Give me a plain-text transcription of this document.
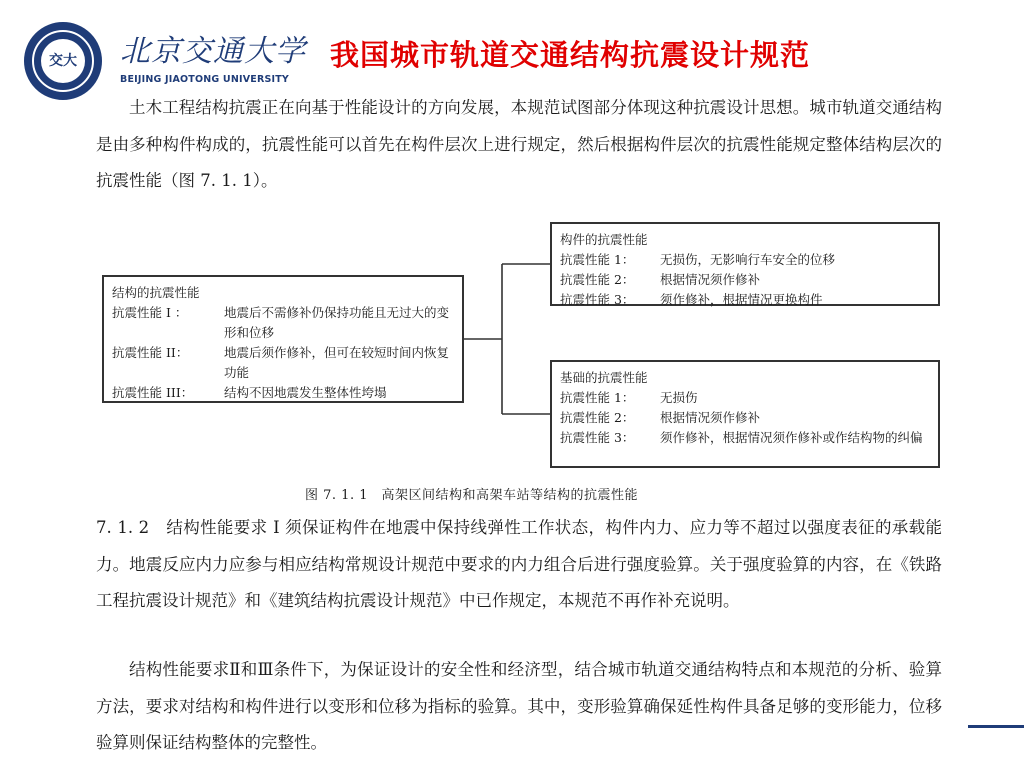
交大 北京交通大学
BEIJING JIAOTONG UNIVERSITY
我国城市轨道交通结构抗震设计规范

土木工程结构抗震正在向基于性能设计的方向发展，本规范试图部分体现这种抗震设计思想。城市轨道交通结构是由多种构件构成的，抗震性能可以首先在构件层次上进行规定，然后根据构件层次的抗震性能规定整体结构层次的抗震性能（图 7. 1. 1）。

结构的抗震性能
抗震性能 I ：	地震后不需修补仍保持功能且无过大的变形和位移
抗震性能 II：	地震后须作修补，但可在较短时间内恢复功能
抗震性能 III：	结构不因地震发生整体性垮塌
构件的抗震性能
抗震性能 1：	无损伤，无影响行车安全的位移
抗震性能 2：	根据情况须作修补
抗震性能 3：	须作修补，根据情况更换构件
基础的抗震性能
抗震性能 1：	无损伤
抗震性能 2：	根据情况须作修补
抗震性能 3：	须作修补，根据情况须作修补或作结构物的纠偏
图 7. 1. 1　高架区间结构和高架车站等结构的抗震性能

7. 1. 2　结构性能要求 I 须保证构件在地震中保持线弹性工作状态，构件内力、应力等不超过以强度表征的承载能力。地震反应内力应参与相应结构常规设计规范中要求的内力组合后进行强度验算。关于强度验算的内容，在《铁路工程抗震设计规范》和《建筑结构抗震设计规范》中已作规定，本规范不再作补充说明。

结构性能要求Ⅱ和Ⅲ条件下，为保证设计的安全性和经济型，结合城市轨道交通结构特点和本规范的分析、验算方法，要求对结构和构件进行以变形和位移为指标的验算。其中，变形验算确保延性构件具备足够的变形能力，位移验算则保证结构整体的完整性。
